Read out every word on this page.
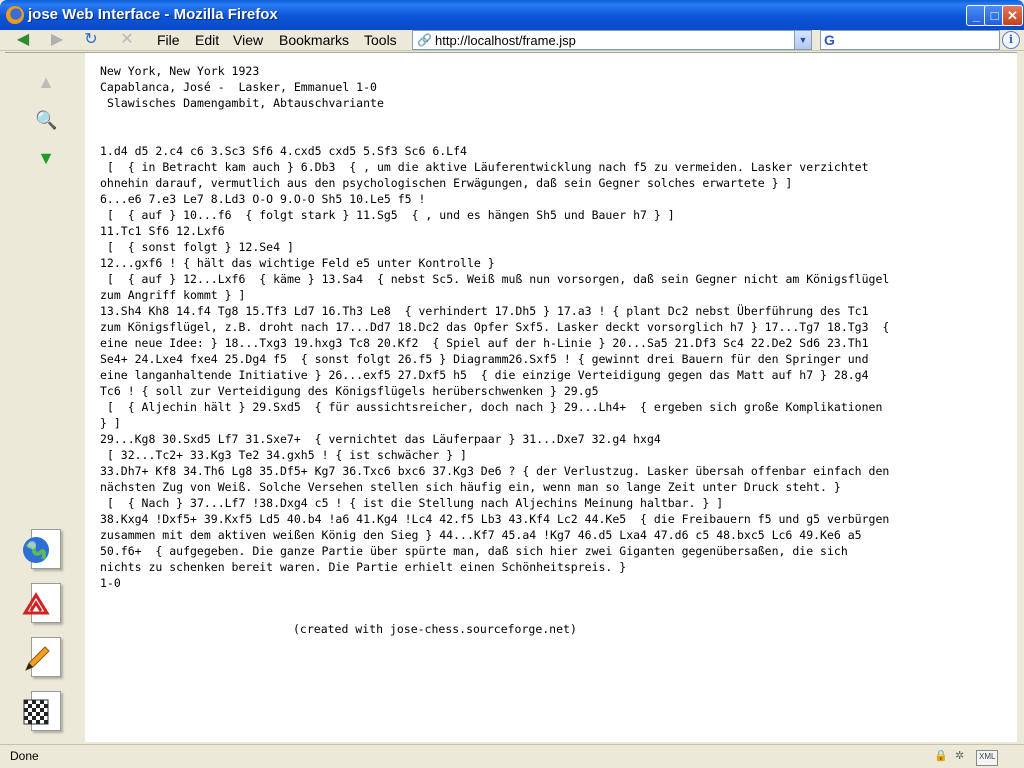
jose Web Interface - Mozilla Firefox	_ □ ✕
◀	▶	↻ ✕	File Edit View Bookmarks Tools 🔗 http://localhost/frame.jsp	▼ G	i
▲
🔍
▼
New York, New York 1923
Capablanca, José -  Lasker, Emmanuel 1-0
Slawisches Damengambit, Abtauschvariante

1.d4 d5 2.c4 c6 3.Sc3 Sf6 4.cxd5 cxd5 5.Sf3 Sc6 6.Lf4
[  { in Betracht kam auch } 6.Db3  { , um die aktive Läuferentwicklung nach f5 zu vermeiden. Lasker verzichtet
ohnehin darauf, vermutlich aus den psychologischen Erwägungen, daß sein Gegner solches erwartete } ]
6...e6 7.e3 Le7 8.Ld3 O-O 9.O-O Sh5 10.Le5 f5 !
[  { auf } 10...f6  { folgt stark } 11.Sg5  { , und es hängen Sh5 und Bauer h7 } ]
11.Tc1 Sf6 12.Lxf6
[  { sonst folgt } 12.Se4 ]
12...gxf6 ! { hält das wichtige Feld e5 unter Kontrolle }
[  { auf } 12...Lxf6  { käme } 13.Sa4  { nebst Sc5. Weiß muß nun vorsorgen, daß sein Gegner nicht am Königsflügel
zum Angriff kommt } ]
13.Sh4 Kh8 14.f4 Tg8 15.Tf3 Ld7 16.Th3 Le8  { verhindert 17.Dh5 } 17.a3 ! { plant Dc2 nebst Überführung des Tc1
zum Königsflügel, z.B. droht nach 17...Dd7 18.Dc2 das Opfer Sxf5. Lasker deckt vorsorglich h7 } 17...Tg7 18.Tg3  {
eine neue Idee: } 18...Txg3 19.hxg3 Tc8 20.Kf2  { Spiel auf der h-Linie } 20...Sa5 21.Df3 Sc4 22.De2 Sd6 23.Th1
Se4+ 24.Lxe4 fxe4 25.Dg4 f5  { sonst folgt 26.f5 } Diagramm26.Sxf5 ! { gewinnt drei Bauern für den Springer und
eine langanhaltende Initiative } 26...exf5 27.Dxf5 h5  { die einzige Verteidigung gegen das Matt auf h7 } 28.g4
Tc6 ! { soll zur Verteidigung des Königsflügels herüberschwenken } 29.g5
[  { Aljechin hält } 29.Sxd5  { für aussichtsreicher, doch nach } 29...Lh4+  { ergeben sich große Komplikationen
} ]
29...Kg8 30.Sxd5 Lf7 31.Sxe7+  { vernichtet das Läuferpaar } 31...Dxe7 32.g4 hxg4
[ 32...Tc2+ 33.Kg3 Te2 34.gxh5 ! { ist schwächer } ]
33.Dh7+ Kf8 34.Th6 Lg8 35.Df5+ Kg7 36.Txc6 bxc6 37.Kg3 De6 ? { der Verlustzug. Lasker übersah offenbar einfach den
nächsten Zug von Weiß. Solche Versehen stellen sich häufig ein, wenn man so lange Zeit unter Druck steht. }
[  { Nach } 37...Lf7 !38.Dxg4 c5 ! { ist die Stellung nach Aljechins Meinung haltbar. } ]
38.Kxg4 !Dxf5+ 39.Kxf5 Ld5 40.b4 !a6 41.Kg4 !Lc4 42.f5 Lb3 43.Kf4 Lc2 44.Ke5  { die Freibauern f5 und g5 verbürgen
zusammen mit dem aktiven weißen König den Sieg } 44...Kf7 45.a4 !Kg7 46.d5 Lxa4 47.d6 c5 48.bxc5 Lc6 49.Ke6 a5
50.f6+  { aufgegeben. Die ganze Partie über spürte man, daß sich hier zwei Giganten gegenübersaßen, die sich
nichts zu schenken bereit waren. Die Partie erhielt einen Schönheitspreis. }
1-0
(created with jose-chess.sourceforge.net)
Done	🔒 ✲	XML
